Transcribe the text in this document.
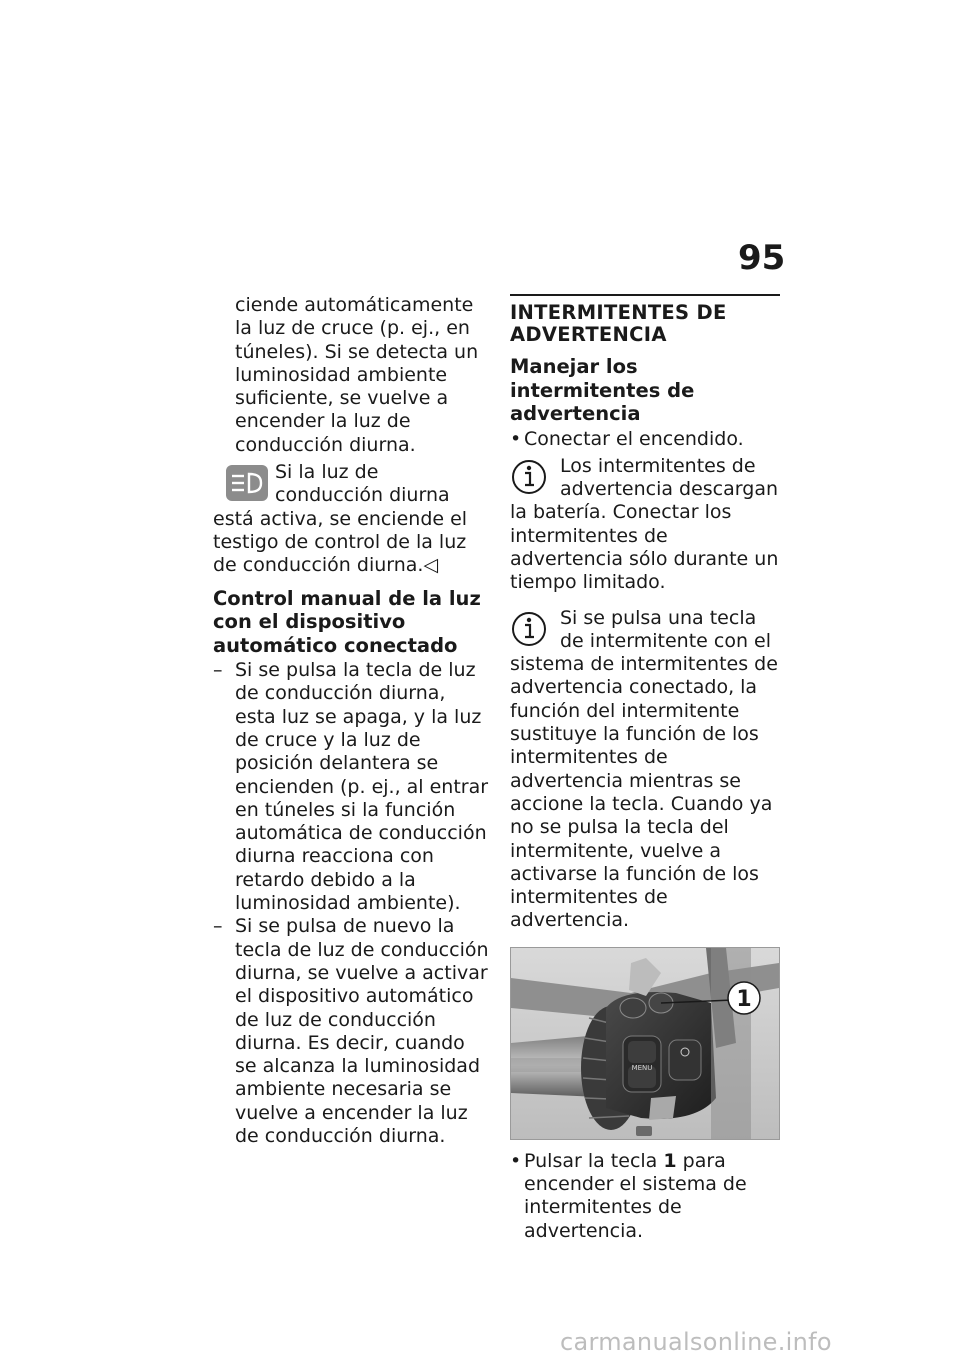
95

ciende automáticamente la luz de cruce (p. ej., en túneles). Si se detecta un luminosidad ambiente suficiente, se vuelve a encender la luz de conducción diurna.

Si la luz de conducción diurna está activa, se enciende el testigo de control de la luz de conducción diurna.◁

Control manual de la luz con el dispositivo automático conectado

– Si se pulsa la tecla de luz de conducción diurna, esta luz se apaga, y la luz de cruce y la luz de posición delantera se encienden (p. ej., al entrar en túneles si la función automática de conducción diurna reacciona con retardo debido a la luminosidad ambiente).

– Si se pulsa de nuevo la tecla de luz de conducción diurna, se vuelve a activar el dispositivo automático de luz de conducción diurna. Es decir, cuando se alcanza la luminosidad ambiente necesaria se vuelve a encender la luz de conducción diurna.

INTERMITENTES DE ADVERTENCIA

Manejar los intermitentes de advertencia

• Conectar el encendido.

Los intermitentes de advertencia descargan la batería. Conectar los intermitentes de advertencia sólo durante un tiempo limitado.

Si se pulsa una tecla de intermitente con el sistema de intermitentes de advertencia conectado, la función del intermitente sustituye la función de los intermitentes de advertencia mientras se accione la tecla. Cuando ya no se pulsa la tecla del intermitente, vuelve a activarse la función de los intermitentes de advertencia.

MENU
1
• Pulsar la tecla 1 para encender el sistema de intermitentes de advertencia.

carmanualsonline.info
